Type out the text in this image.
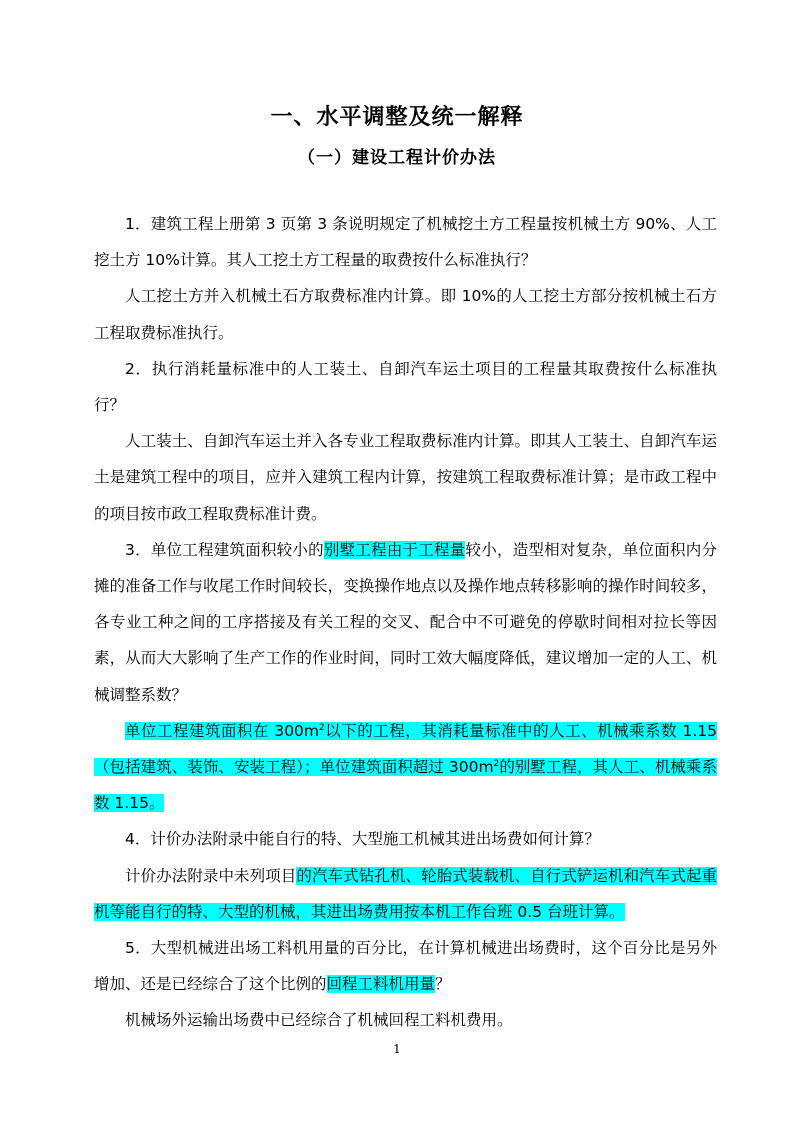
一、水平调整及统一解释
（一）建设工程计价办法

1．建筑工程上册第 3 页第 3 条说明规定了机械挖土方工程量按机械土方 90%、人工挖土方 10%计算。其人工挖土方工程量的取费按什么标准执行？

人工挖土方并入机械土石方取费标准内计算。即 10%的人工挖土方部分按机械土石方工程取费标准执行。

2．执行消耗量标准中的人工装土、自卸汽车运土项目的工程量其取费按什么标准执行？

人工装土、自卸汽车运土并入各专业工程取费标准内计算。即其人工装土、自卸汽车运土是建筑工程中的项目，应并入建筑工程内计算，按建筑工程取费标准计算；是市政工程中的项目按市政工程取费标准计费。

3．单位工程建筑面积较小的别墅工程由于工程量较小，造型相对复杂，单位面积内分摊的准备工作与收尾工作时间较长，变换操作地点以及操作地点转移影响的操作时间较多，各专业工种之间的工序搭接及有关工程的交叉、配合中不可避免的停歇时间相对拉长等因素，从而大大影响了生产工作的作业时间，同时工效大幅度降低，建议增加一定的人工、机械调整系数？

单位工程建筑面积在 $300m^2$以下的工程，其消耗量标准中的人工、机械乘系数 1.15（包括建筑、装饰、安装工程）；单位建筑面积超过 $300m^2$的别墅工程，其人工、机械乘系数 1.15。

4．计价办法附录中能自行的特、大型施工机械其进出场费如何计算？

计价办法附录中未列项目的汽车式钻孔机、轮胎式装载机、自行式铲运机和汽车式起重机等能自行的特、大型的机械，其进出场费用按本机工作台班 0.5 台班计算。

5．大型机械进出场工料机用量的百分比，在计算机械进出场费时，这个百分比是另外增加、还是已经综合了这个比例的回程工料机用量？

机械场外运输出场费中已经综合了机械回程工料机费用。

1
